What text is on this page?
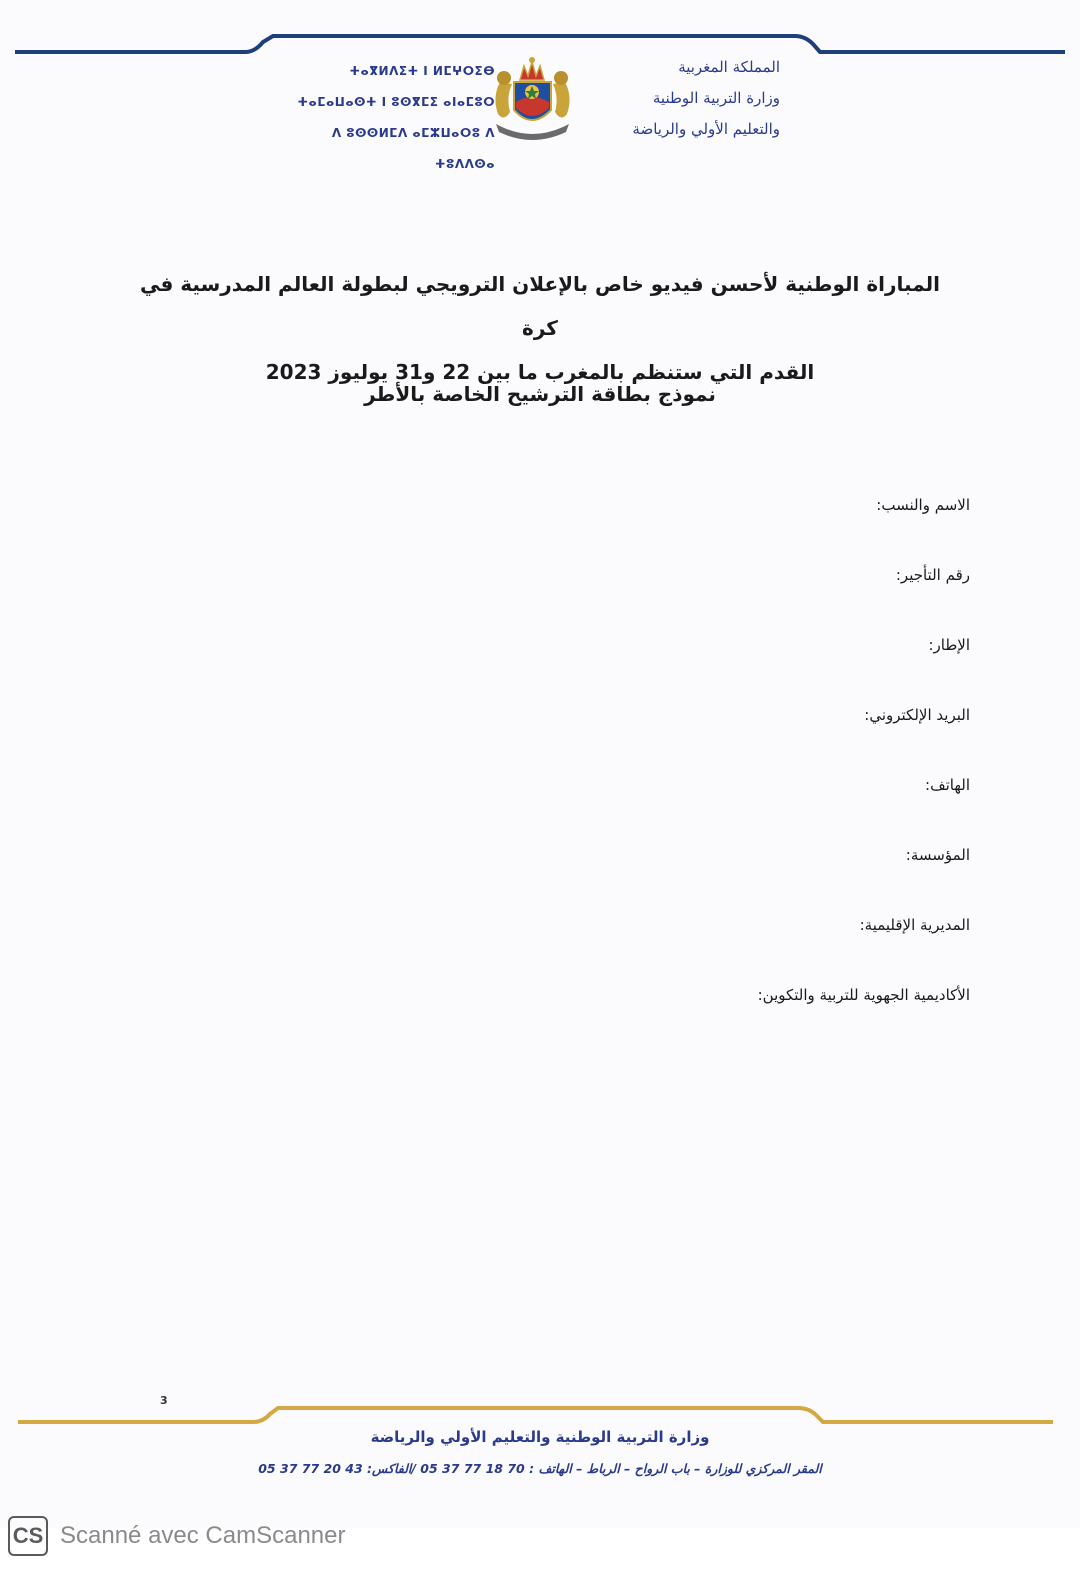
ⵜⴰⴳⵍⴷⵉⵜ ⵏ ⵍⵎⵖⵔⵉⴱ
ⵜⴰⵎⴰⵡⴰⵙⵜ ⵏ ⵓⵙⴳⵎⵉ ⴰⵏⴰⵎⵓⵔ
ⴷ ⵓⵙⵙⵍⵎⴷ ⴰⵎⵣⵡⴰⵔⵓ ⴷ ⵜⵓⴷⴷⵙⴰ
المملكة المغربية
وزارة التربية الوطنية
والتعليم الأولي والرياضة
المباراة الوطنية لأحسن فيديو خاص بالإعلان الترويجي لبطولة العالم المدرسية في كرة
القدم التي ستنظم بالمغرب ما بين 22 و31 يوليوز 2023
نموذج بطاقة الترشيح الخاصة بالأطر
الاسم والنسب:
رقم التأجير:
الإطار:
البريد الإلكتروني:
الهاتف:
المؤسسة:
المديرية الإقليمية:
الأكاديمية الجهوية للتربية والتكوين:
3
وزارة التربية الوطنية والتعليم الأولي والرياضة
المقر المركزي للوزارة – باب الرواح – الرباط – الهاتف : 70 18 77 37 05 /الفاكس: 43 20 77 37 05
CS Scanné avec CamScanner
